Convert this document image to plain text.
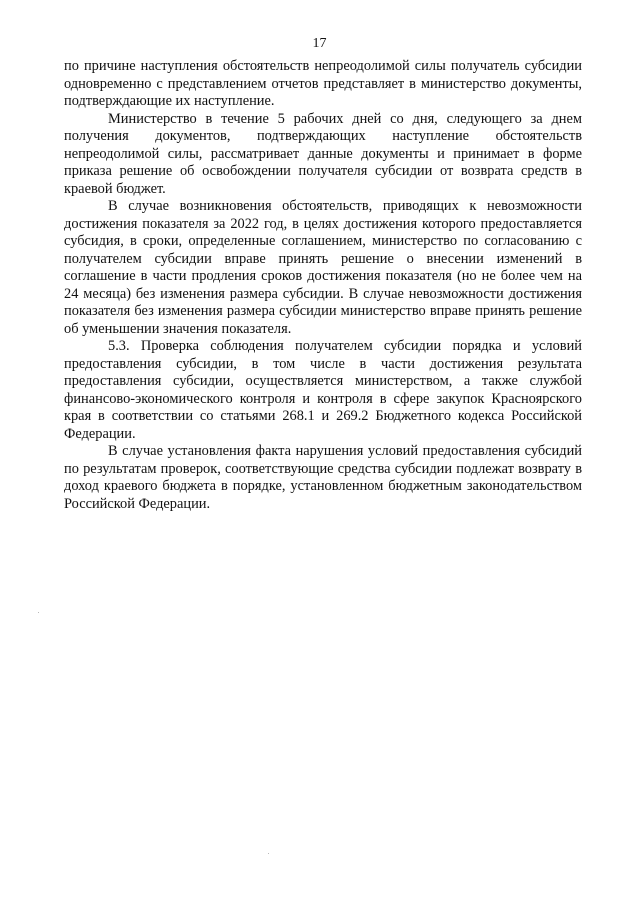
17

по причине наступления обстоятельств непреодолимой силы получатель субсидии одновременно с представлением отчетов представляет в министерство документы, подтверждающие их наступление.

Министерство в течение 5 рабочих дней со дня, следующего за днем получения документов, подтверждающих наступление обстоятельств непреодолимой силы, рассматривает данные документы и принимает в форме приказа решение об освобождении получателя субсидии от возврата средств в краевой бюджет.

В случае возникновения обстоятельств, приводящих к невозможности достижения показателя за 2022 год, в целях достижения которого предоставляется субсидия, в сроки, определенные соглашением, министерство по согласованию с получателем субсидии вправе принять решение о внесении изменений в соглашение в части продления сроков достижения показателя (но не более чем на 24 месяца) без изменения размера субсидии. В случае невозможности достижения показателя без изменения размера субсидии министерство вправе принять решение об уменьшении значения показателя.

5.3. Проверка соблюдения получателем субсидии порядка и условий предоставления субсидии, в том числе в части достижения результата предоставления субсидии, осуществляется министерством, а также службой финансово-экономического контроля и контроля в сфере закупок Красноярского края в соответствии со статьями 268.1 и 269.2 Бюджетного кодекса Российской Федерации.

В случае установления факта нарушения условий предоставления субсидий по результатам проверок, соответствующие средства субсидии подлежат возврату в доход краевого бюджета в порядке, установленном бюджетным законодательством Российской Федерации.
